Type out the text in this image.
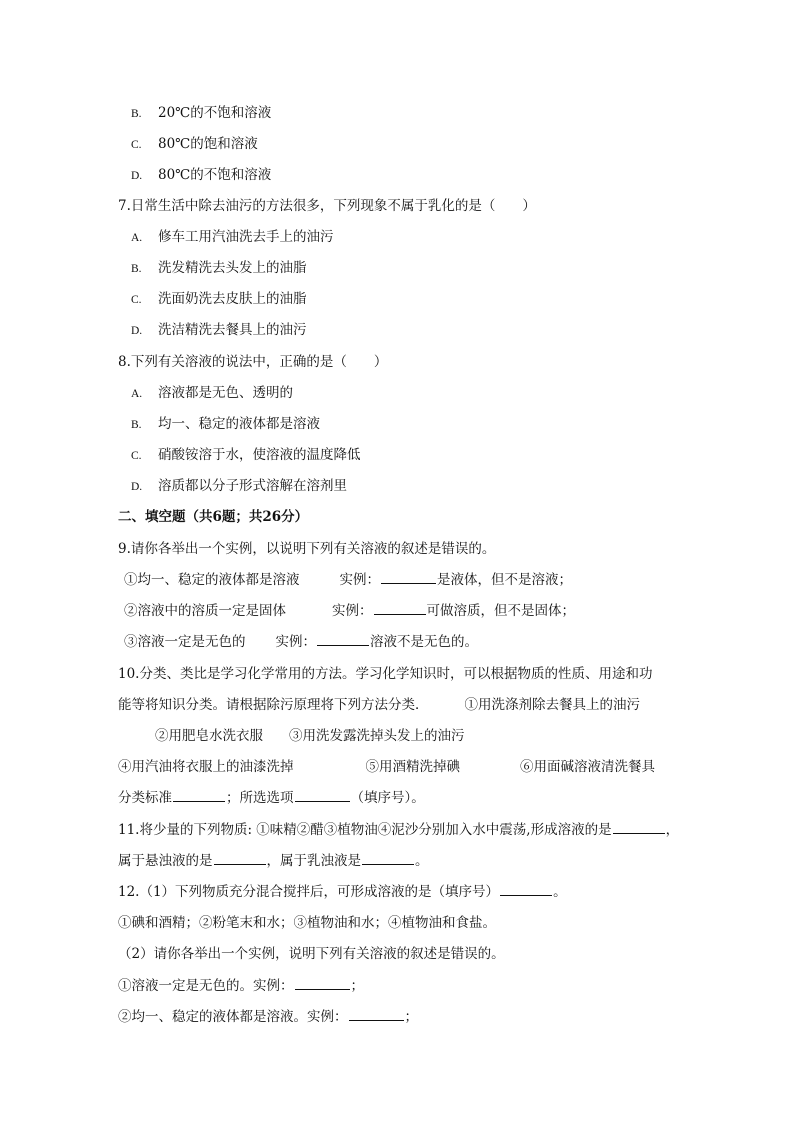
B. 20℃的不饱和溶液
C. 80℃的饱和溶液
D. 80℃的不饱和溶液
7.日常生活中除去油污的方法很多，下列现象不属于乳化的是（　　）
A. 修车工用汽油洗去手上的油污
B. 洗发精洗去头发上的油脂
C. 洗面奶洗去皮肤上的油脂
D. 洗洁精洗去餐具上的油污
8.下列有关溶液的说法中，正确的是（　　）
A. 溶液都是无色、透明的
B. 均一、稳定的液体都是溶液
C. 硝酸铵溶于水，使溶液的温度降低
D. 溶质都以分子形式溶解在溶剂里
二、填空题（共6题；共26分）
9.请你各举出一个实例，以说明下列有关溶液的叙述是错误的。
①均一、稳定的液体都是溶液	实例：	是液体，但不是溶液；
②溶液中的溶质一定是固体	实例：	可做溶质，但不是固体；
③溶液一定是无色的 实例：	溶液不是无色的。
10.分类、类比是学习化学常用的方法。学习化学知识时，可以根据物质的性质、用途和功
能等将知识分类。请根据除污原理将下列方法分类．	①用洗涤剂除去餐具上的油污
②用肥皂水洗衣服 ③用洗发露洗掉头发上的油污
④用汽油将衣服上的油漆洗掉	⑤用酒精洗掉碘	⑥用面碱溶液清洗餐具
分类标准	；所选选项	（填序号）。
11.将少量的下列物质: ①味精②醋③植物油④泥沙分别加入水中震荡,形成溶液的是	，
属于悬浊液的是	，属于乳浊液是	。
12.（1）下列物质充分混合搅拌后，可形成溶液的是（填序号）	。
①碘和酒精；②粉笔末和水；③植物油和水；④植物油和食盐。
（2）请你各举出一个实例，说明下列有关溶液的叙述是错误的。
①溶液一定是无色的。实例：	；
②均一、稳定的液体都是溶液。实例：	；
